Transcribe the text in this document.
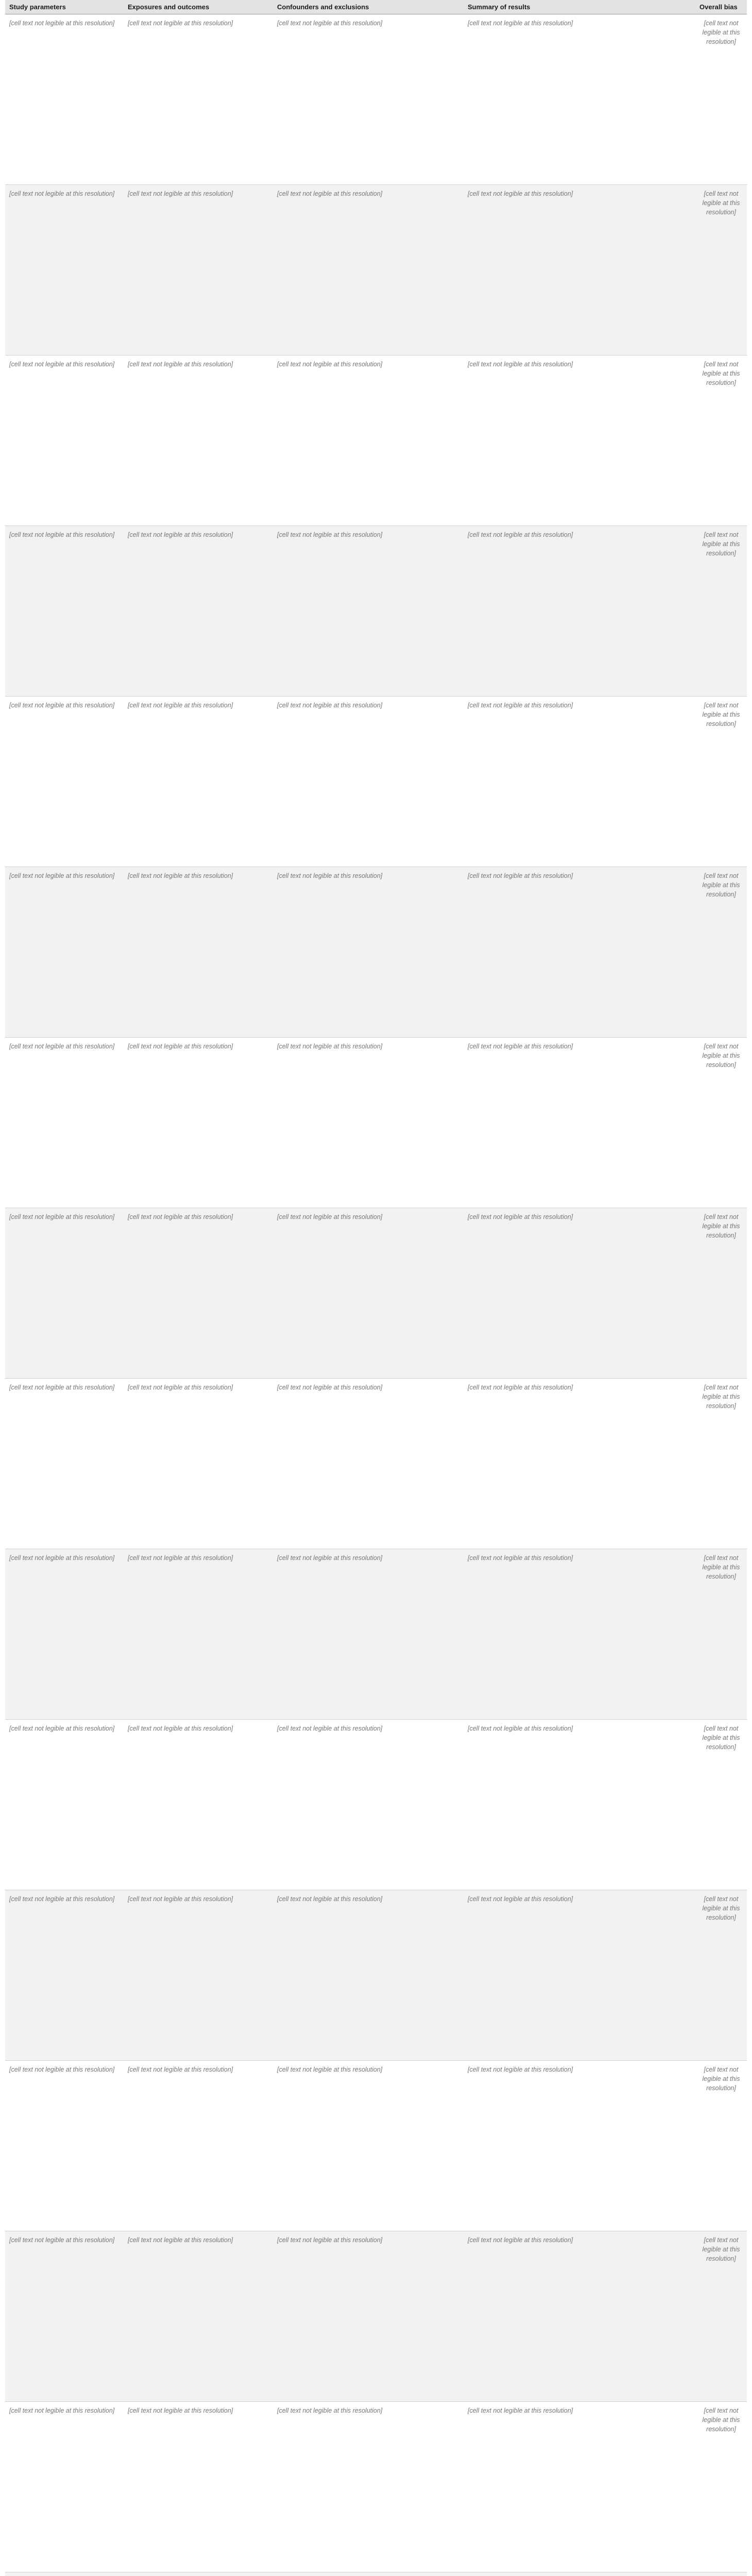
Study parameters	Exposures and outcomes	Confounders and exclusions	Summary of results	Overall bias
[cell text not legible at this resolution]	[cell text not legible at this resolution]	[cell text not legible at this resolution]	[cell text not legible at this resolution]	[cell text not legible at this resolution]
[cell text not legible at this resolution]	[cell text not legible at this resolution]	[cell text not legible at this resolution]	[cell text not legible at this resolution]	[cell text not legible at this resolution]
[cell text not legible at this resolution]	[cell text not legible at this resolution]	[cell text not legible at this resolution]	[cell text not legible at this resolution]	[cell text not legible at this resolution]
[cell text not legible at this resolution]	[cell text not legible at this resolution]	[cell text not legible at this resolution]	[cell text not legible at this resolution]	[cell text not legible at this resolution]
[cell text not legible at this resolution]	[cell text not legible at this resolution]	[cell text not legible at this resolution]	[cell text not legible at this resolution]	[cell text not legible at this resolution]
[cell text not legible at this resolution]	[cell text not legible at this resolution]	[cell text not legible at this resolution]	[cell text not legible at this resolution]	[cell text not legible at this resolution]
[cell text not legible at this resolution]	[cell text not legible at this resolution]	[cell text not legible at this resolution]	[cell text not legible at this resolution]	[cell text not legible at this resolution]
[cell text not legible at this resolution]	[cell text not legible at this resolution]	[cell text not legible at this resolution]	[cell text not legible at this resolution]	[cell text not legible at this resolution]
[cell text not legible at this resolution]	[cell text not legible at this resolution]	[cell text not legible at this resolution]	[cell text not legible at this resolution]	[cell text not legible at this resolution]
[cell text not legible at this resolution]	[cell text not legible at this resolution]	[cell text not legible at this resolution]	[cell text not legible at this resolution]	[cell text not legible at this resolution]
[cell text not legible at this resolution]	[cell text not legible at this resolution]	[cell text not legible at this resolution]	[cell text not legible at this resolution]	[cell text not legible at this resolution]
[cell text not legible at this resolution]	[cell text not legible at this resolution]	[cell text not legible at this resolution]	[cell text not legible at this resolution]	[cell text not legible at this resolution]
[cell text not legible at this resolution]	[cell text not legible at this resolution]	[cell text not legible at this resolution]	[cell text not legible at this resolution]	[cell text not legible at this resolution]
[cell text not legible at this resolution]	[cell text not legible at this resolution]	[cell text not legible at this resolution]	[cell text not legible at this resolution]	[cell text not legible at this resolution]
[cell text not legible at this resolution]	[cell text not legible at this resolution]	[cell text not legible at this resolution]	[cell text not legible at this resolution]	[cell text not legible at this resolution]
